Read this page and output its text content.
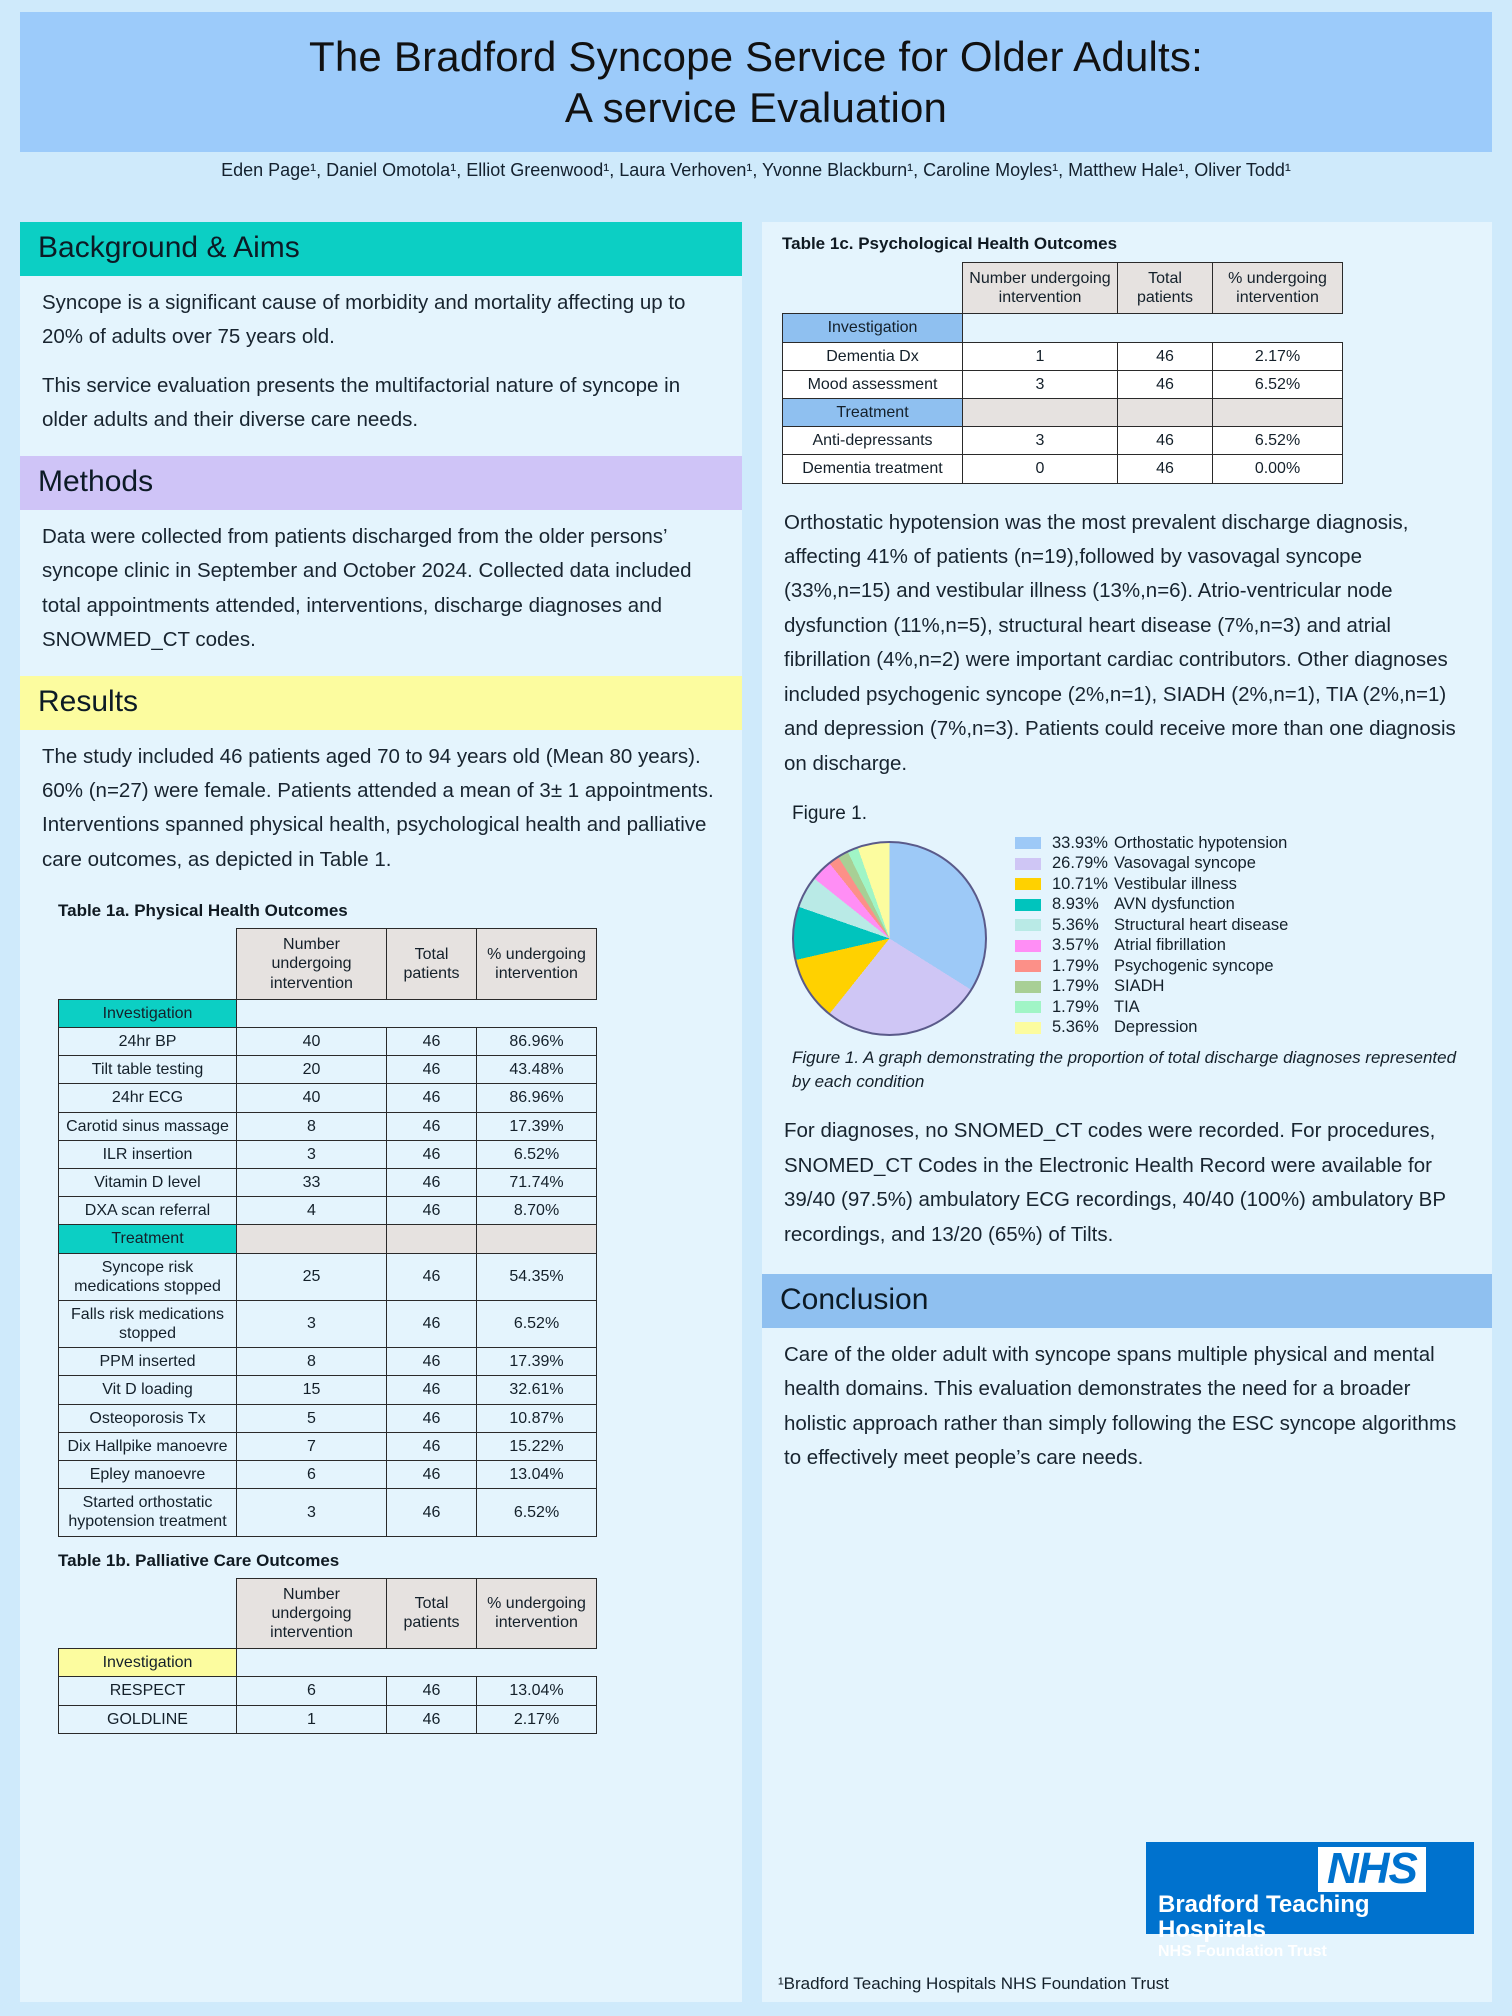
The Bradford Syncope Service for Older Adults:
A service Evaluation
Eden Page¹, Daniel Omotola¹, Elliot Greenwood¹, Laura Verhoven¹, Yvonne Blackburn¹, Caroline Moyles¹, Matthew Hale¹, Oliver Todd¹
Background & Aims

Syncope is a significant cause of morbidity and mortality affecting up to 20% of adults over 75 years old.

This service evaluation presents the multifactorial nature of syncope in older adults and their diverse care needs.

Methods

Data were collected from patients discharged from the older persons’ syncope clinic in September and October 2024. Collected data included total appointments attended, interventions, discharge diagnoses and SNOWMED_CT codes.

Results

The study included 46 patients aged 70 to 94 years old (Mean 80 years). 60% (n=27) were female. Patients attended a mean of 3± 1 appointments. Interventions spanned physical health, psychological health and palliative care outcomes, as depicted in Table 1.

Table 1a. Physical Health Outcomes
	Number undergoing intervention	Total patients	% undergoing intervention
Investigation			
24hr BP	40	46	86.96%
Tilt table testing	20	46	43.48%
24hr ECG	40	46	86.96%
Carotid sinus massage	8	46	17.39%
ILR insertion	3	46	6.52%
Vitamin D level	33	46	71.74%
DXA scan referral	4	46	8.70%
Treatment			
Syncope risk medications stopped	25	46	54.35%
Falls risk medications stopped	3	46	6.52%
PPM inserted	8	46	17.39%
Vit D loading	15	46	32.61%
Osteoporosis Tx	5	46	10.87%
Dix Hallpike manoevre	7	46	15.22%
Epley manoevre	6	46	13.04%
Started orthostatic hypotension treatment	3	46	6.52%
Table 1b. Palliative Care Outcomes
	Number undergoing intervention	Total patients	% undergoing intervention
Investigation			
RESPECT	6	46	13.04%
GOLDLINE	1	46	2.17%
Table 1c. Psychological Health Outcomes
	Number undergoing intervention	Total patients	% undergoing intervention
Investigation			
Dementia Dx	1	46	2.17%
Mood assessment	3	46	6.52%
Treatment			
Anti-depressants	3	46	6.52%
Dementia treatment	0	46	0.00%

Orthostatic hypotension was the most prevalent discharge diagnosis, affecting 41% of patients (n=19),followed by vasovagal syncope (33%,n=15) and vestibular illness (13%,n=6). Atrio-ventricular node dysfunction (11%,n=5), structural heart disease (7%,n=3) and atrial fibrillation (4%,n=2) were important cardiac contributors. Other diagnoses included psychogenic syncope (2%,n=1), SIADH (2%,n=1), TIA (2%,n=1) and depression (7%,n=3). Patients could receive more than one diagnosis on discharge.

Figure 1.
33.93% Orthostatic hypotension
26.79% Vasovagal syncope
10.71% Vestibular illness
8.93% AVN dysfunction
5.36% Structural heart disease
3.57% Atrial fibrillation
1.79% Psychogenic syncope
1.79% SIADH
1.79% TIA
5.36% Depression
Figure 1. A graph demonstrating the proportion of total discharge diagnoses represented by each condition

For diagnoses, no SNOMED_CT codes were recorded. For procedures, SNOMED_CT Codes in the Electronic Health Record were available for 39/40 (97.5%) ambulatory ECG recordings, 40/40 (100%) ambulatory BP recordings, and 13/20 (65%) of Tilts.

Conclusion

Care of the older adult with syncope spans multiple physical and mental health domains. This evaluation demonstrates the need for a broader holistic approach rather than simply following the ESC syncope algorithms to effectively meet people’s care needs.

NHS
Bradford Teaching Hospitals
NHS Foundation Trust
¹Bradford Teaching Hospitals NHS Foundation Trust
